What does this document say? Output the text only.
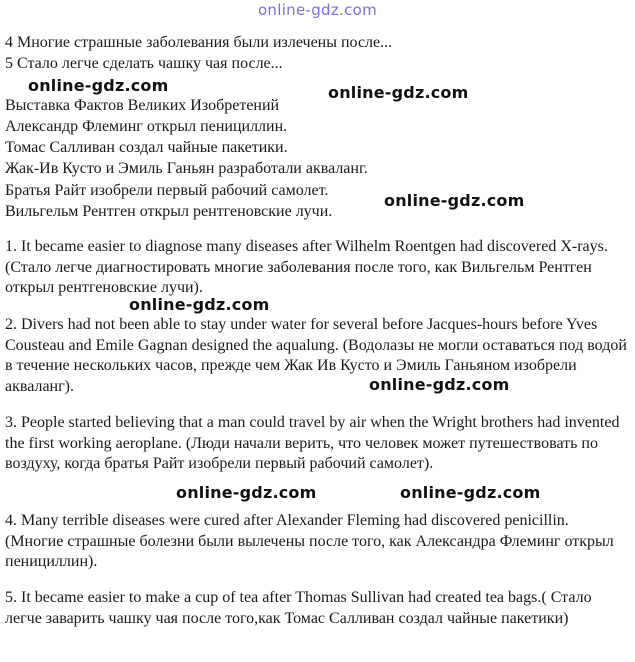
online-gdz.com
4 Многие страшные заболевания были излечены после...
5 Стало легче сделать чашку чая после...
Выставка Фактов Великих Изобретений
Александр Флеминг открыл пенициллин.
Томас Салливан создал чайные пакетики.
Жак-Ив Кусто и Эмиль Ганьян разработали акваланг.
Братья Райт изобрели первый рабочий самолет.
Вильгельм Рентген открыл рентгеновские лучи.
1. It became easier to diagnose many diseases after Wilhelm Roentgen had discovered X-rays. (Стало легче диагностировать многие заболевания после того, как Вильгельм Рентген открыл рентгеновские лучи).
2. Divers had not been able to stay under water for several before Jacques-hours before Yves Cousteau and Emile Gagnan designed the aqualung. (Водолазы не могли оставаться под водой в течение нескольких часов, прежде чем Жак Ив Кусто и Эмиль Ганьяном изобрели акваланг).
3. People started believing that a man could travel by air when the Wright brothers had invented the first working aeroplane. (Люди начали верить, что человек может путешествовать по воздуху, когда братья Райт изобрели первый рабочий самолет).
4. Many terrible diseases were cured after Alexander Fleming had discovered penicillin. (Многие страшные болезни были вылечены после того, как Александра Флеминг открыл пенициллин).
5. It became easier to make a cup of tea after Thomas Sullivan had created tea bags.( Стало легче заварить чашку чая после того,как Томас Салливан создал чайные пакетики)
online-gdz.com	online-gdz.com
online-gdz.com
online-gdz.com
online-gdz.com
online-gdz.com	online-gdz.com
